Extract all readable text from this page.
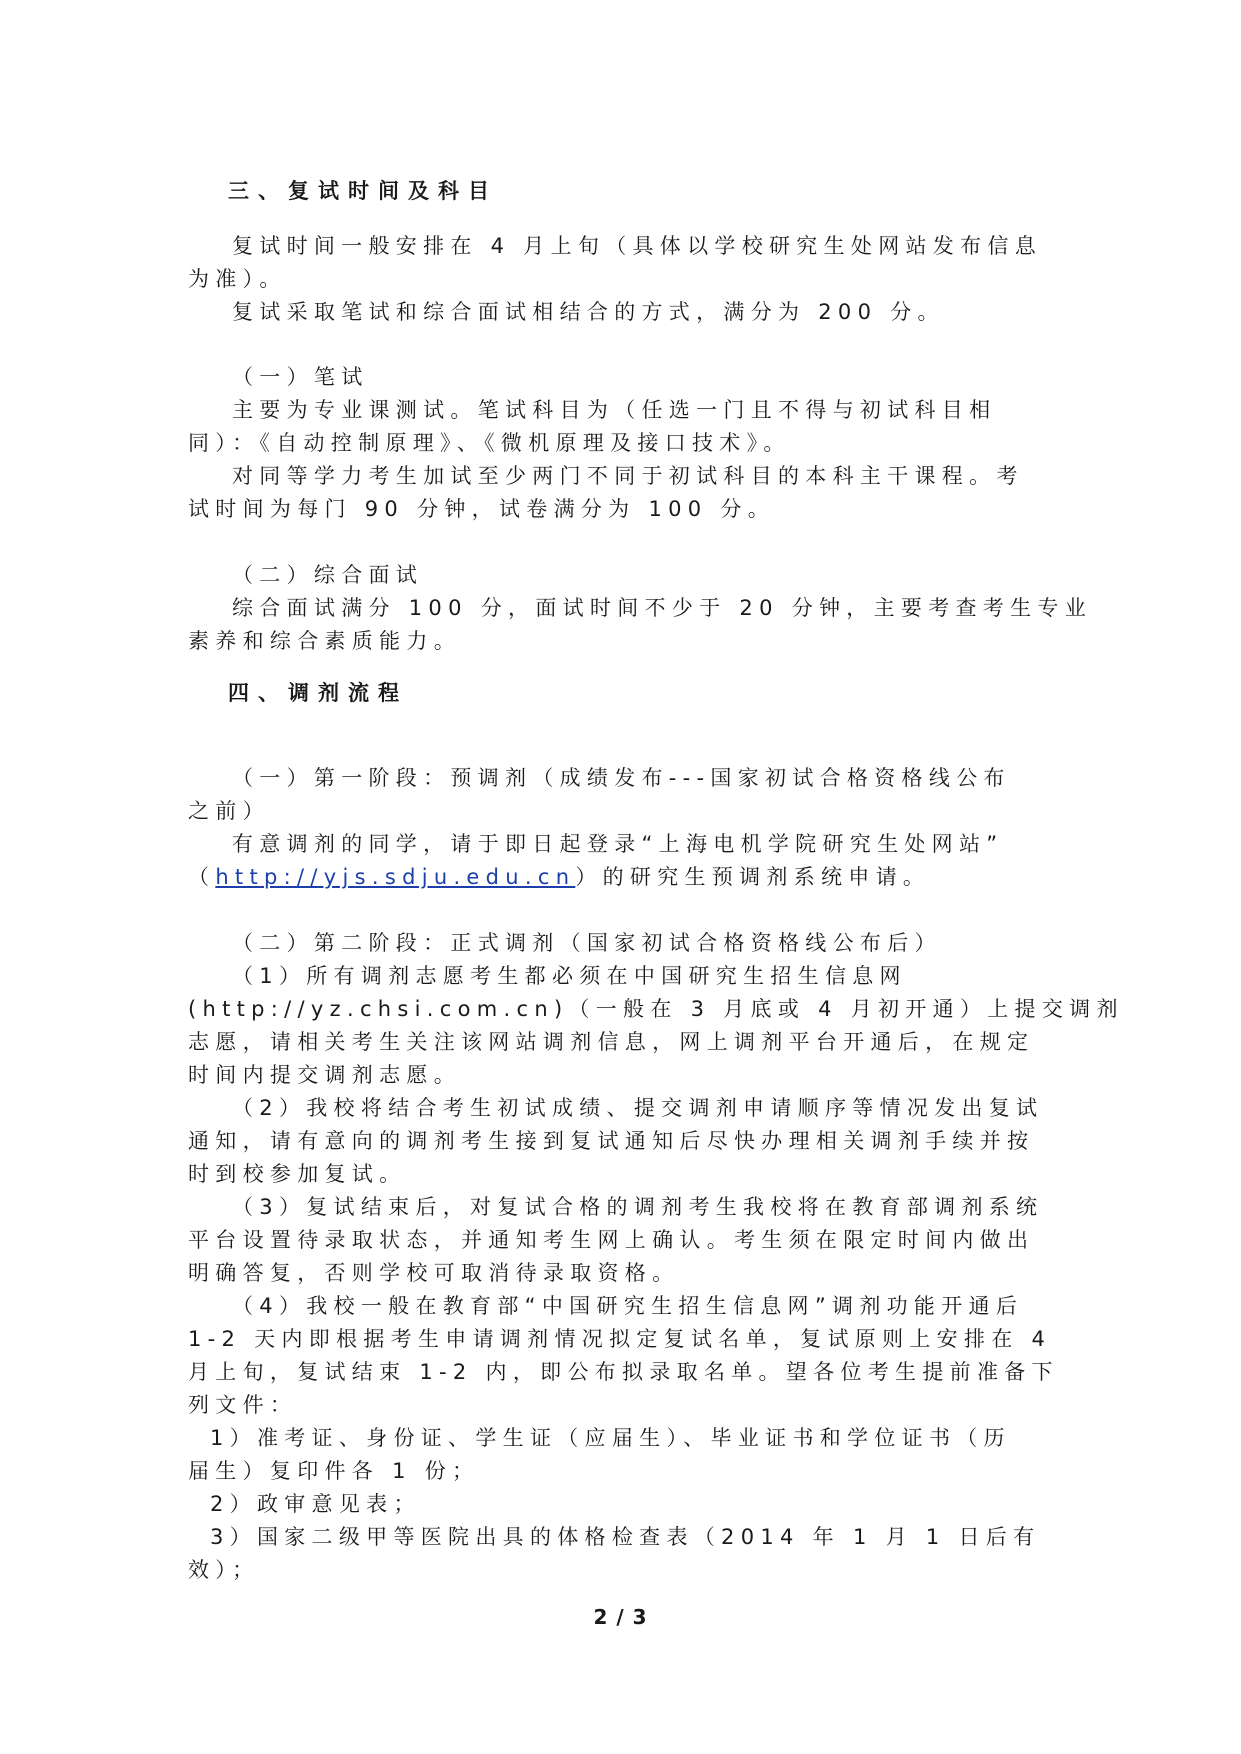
三、复试时间及科目
复试时间一般安排在 4 月上旬（具体以学校研究生处网站发布信息
为准）。
复试采取笔试和综合面试相结合的方式，满分为 200 分。
（一）笔试
主要为专业课测试。笔试科目为（任选一门且不得与初试科目相
同）：《自动控制原理》、《微机原理及接口技术》。
对同等学力考生加试至少两门不同于初试科目的本科主干课程。考
试时间为每门 90 分钟，试卷满分为 100 分。
（二）综合面试
综合面试满分 100 分，面试时间不少于 20 分钟，主要考查考生专业
素养和综合素质能力。
四、调剂流程
（一）第一阶段：预调剂（成绩发布---国家初试合格资格线公布
之前）
有意调剂的同学，请于即日起登录“上海电机学院研究生处网站”
（http://yjs.sdju.edu.cn）的研究生预调剂系统申请。
（二）第二阶段：正式调剂（国家初试合格资格线公布后）
（1）所有调剂志愿考生都必须在中国研究生招生信息网
(http://yz.chsi.com.cn)（一般在 3 月底或 4 月初开通）上提交调剂
志愿，请相关考生关注该网站调剂信息，网上调剂平台开通后，在规定
时间内提交调剂志愿。
（2）我校将结合考生初试成绩、提交调剂申请顺序等情况发出复试
通知，请有意向的调剂考生接到复试通知后尽快办理相关调剂手续并按
时到校参加复试。
（3）复试结束后，对复试合格的调剂考生我校将在教育部调剂系统
平台设置待录取状态，并通知考生网上确认。考生须在限定时间内做出
明确答复，否则学校可取消待录取资格。
（4）我校一般在教育部“中国研究生招生信息网”调剂功能开通后
1-2 天内即根据考生申请调剂情况拟定复试名单，复试原则上安排在 4
月上旬，复试结束 1-2 内，即公布拟录取名单。望各位考生提前准备下
列文件：
1）准考证、身份证、学生证（应届生）、毕业证书和学位证书（历
届生）复印件各 1 份；
2）政审意见表；
3）国家二级甲等医院出具的体格检查表（2014 年 1 月 1 日后有
效）；
2 / 3
